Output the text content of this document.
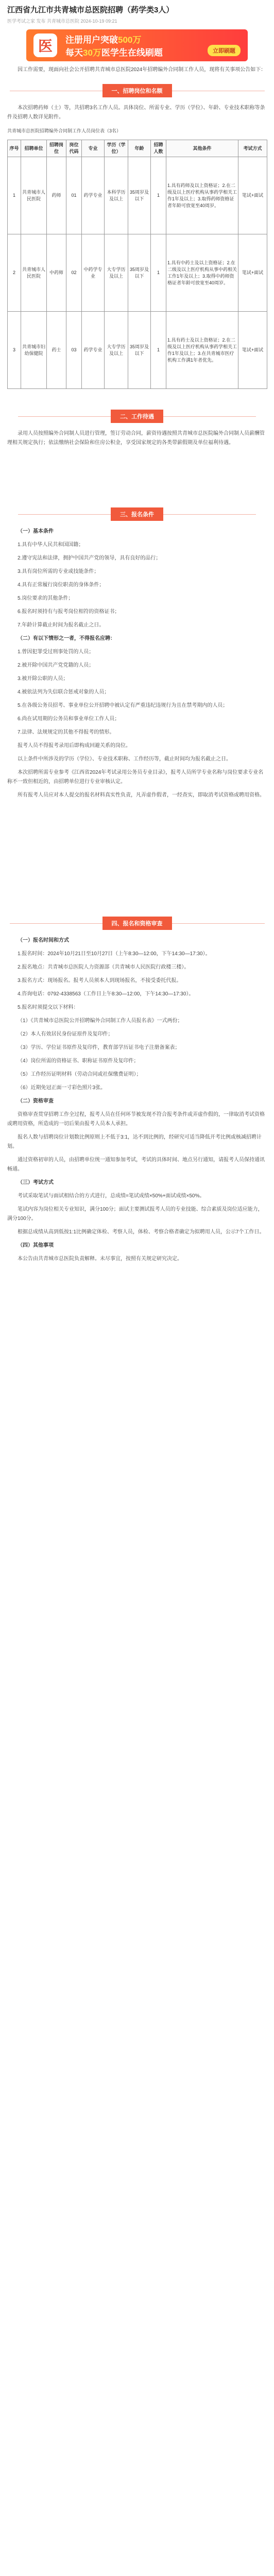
江西省九江市共青城市总医院招聘（药学类3人）
医学考试之家 发布 共青城市总医院 2024-10-19 09:21
医	注册用户突破500万
每天30万医学生在线刷题	立即刷题

因工作需要，现面向社会公开招聘共青城市总医院2024年招聘编外合同制工作人员，现将有关事项公告如下：

一、招聘岗位和名额

本次招聘药师（士）等，共招聘3名工作人员。具体岗位、所需专业、学历（学位）、年龄、专业技术职称等条件及招聘人数详见附件。

共青城市总医院招聘编外合同制工作人员岗位表（3名）

序号	招聘单位	招聘岗位	岗位代码	专业	学历（学位）	年龄	招聘人数	其他条件	考试方式
1	共青城市人民医院	药师	01	药学专业	本科学历及以上	35周岁及以下	1	1.具有药师及以上资格证；2.在二级及以上医疗机构从事药学相关工作1年及以上；3.取得药师资格证者年龄可放宽至40周岁。	笔试+面试
2	共青城市人民医院	中药师	02	中药学专业	大专学历及以上	35周岁及以下	1	1.具有中药士及以上资格证；2.在二级及以上医疗机构从事中药相关工作1年及以上；3.取得中药师资格证者年龄可放宽至40周岁。	笔试+面试
3	共青城市妇幼保健院	药士	03	药学专业	大专学历及以上	35周岁及以下	1	1.具有药士及以上资格证；2.在二级及以上医疗机构从事药学相关工作1年及以上；3.在共青城市医疗机构工作满1年者优先。	笔试+面试
二、工作待遇

录用人员按照编外合同制人员进行管理，签订劳动合同，薪资待遇按照共青城市总医院编外合同制人员薪酬管理相关规定执行；依法缴纳社会保险和住房公积金，享受国家规定的各类带薪假期及单位福利待遇。

三、报名条件
（一）基本条件

1.具有中华人民共和国国籍；

2.遵守宪法和法律，拥护中国共产党的领导，具有良好的品行；

3.具有岗位所需的专业或技能条件；

4.具有正常履行岗位职责的身体条件；

5.岗位要求的其他条件；

6.报名时须持有与报考岗位相符的资格证书；

7.年龄计算截止时间为报名截止之日。

（二）有以下情形之一者，不得报名应聘：

1.曾因犯罪受过刑事处罚的人员；

2.被开除中国共产党党籍的人员；

3.被开除公职的人员；

4.被依法列为失信联合惩戒对象的人员；

5.在各级公务员招考、事业单位公开招聘中被认定有严重违纪违规行为且在禁考期内的人员；

6.尚在试用期的公务员和事业单位工作人员；

7.法律、法规规定的其他不得报考的情形。

报考人员不得报考录用后即构成回避关系的岗位。

以上条件中所涉及的学历（学位）、专业技术职称、工作经历等，截止时间均为报名截止之日。

本次招聘所需专业参考《江西省2024年考试录用公务员专业目录》，报考人员所学专业名称与岗位要求专业名称不一致但相近的，由招聘单位进行专业审核认定。

所有报考人员应对本人提交的报名材料真实性负责，凡弄虚作假者，一经查实，即取消考试资格或聘用资格。

四、报名和资格审查
（一）报名时间和方式

1.报名时间：2024年10月21日至10月27日（上午8:30—12:00，下午14:30—17:30）。

2.报名地点：共青城市总医院人力资源部（共青城市人民医院行政楼三楼）。

3.报名方式：现场报名。报考人员须本人到现场报名，不接受委托代报。

4.咨询电话：0792-4338563（工作日上午8:30—12:00，下午14:30—17:30）。

5.报名时须提交以下材料：

（1）《共青城市总医院公开招聘编外合同制工作人员报名表》一式两份；

（2）本人有效居民身份证原件及复印件；

（3）学历、学位证书原件及复印件，教育部学历证书电子注册备案表；

（4）岗位所需的资格证书、职称证书原件及复印件；

（5）工作经历证明材料（劳动合同或社保缴费证明）；

（6）近期免冠正面一寸彩色照片3张。

（二）资格审查

资格审查贯穿招聘工作全过程，报考人员在任何环节被发现不符合报考条件或弄虚作假的，一律取消考试资格或聘用资格，所造成的一切后果由报考人员本人承担。

报名人数与招聘岗位计划数比例原则上不低于3:1，达不到比例的，经研究可适当降低开考比例或核减招聘计划。

通过资格初审的人员，由招聘单位统一通知参加考试，考试的具体时间、地点另行通知，请报考人员保持通讯畅通。

（三）考试方式

考试采取笔试与面试相结合的方式进行，总成绩=笔试成绩×50%+面试成绩×50%。

笔试内容为岗位相关专业知识，满分100分；面试主要测试报考人员的专业技能、综合素质及岗位适应能力，满分100分。

根据总成绩从高到低按1:1比例确定体检、考察人员，体检、考察合格者确定为拟聘用人员，公示7个工作日。

（四）其他事项

本公告由共青城市总医院负责解释。未尽事宜，按照有关规定研究决定。
